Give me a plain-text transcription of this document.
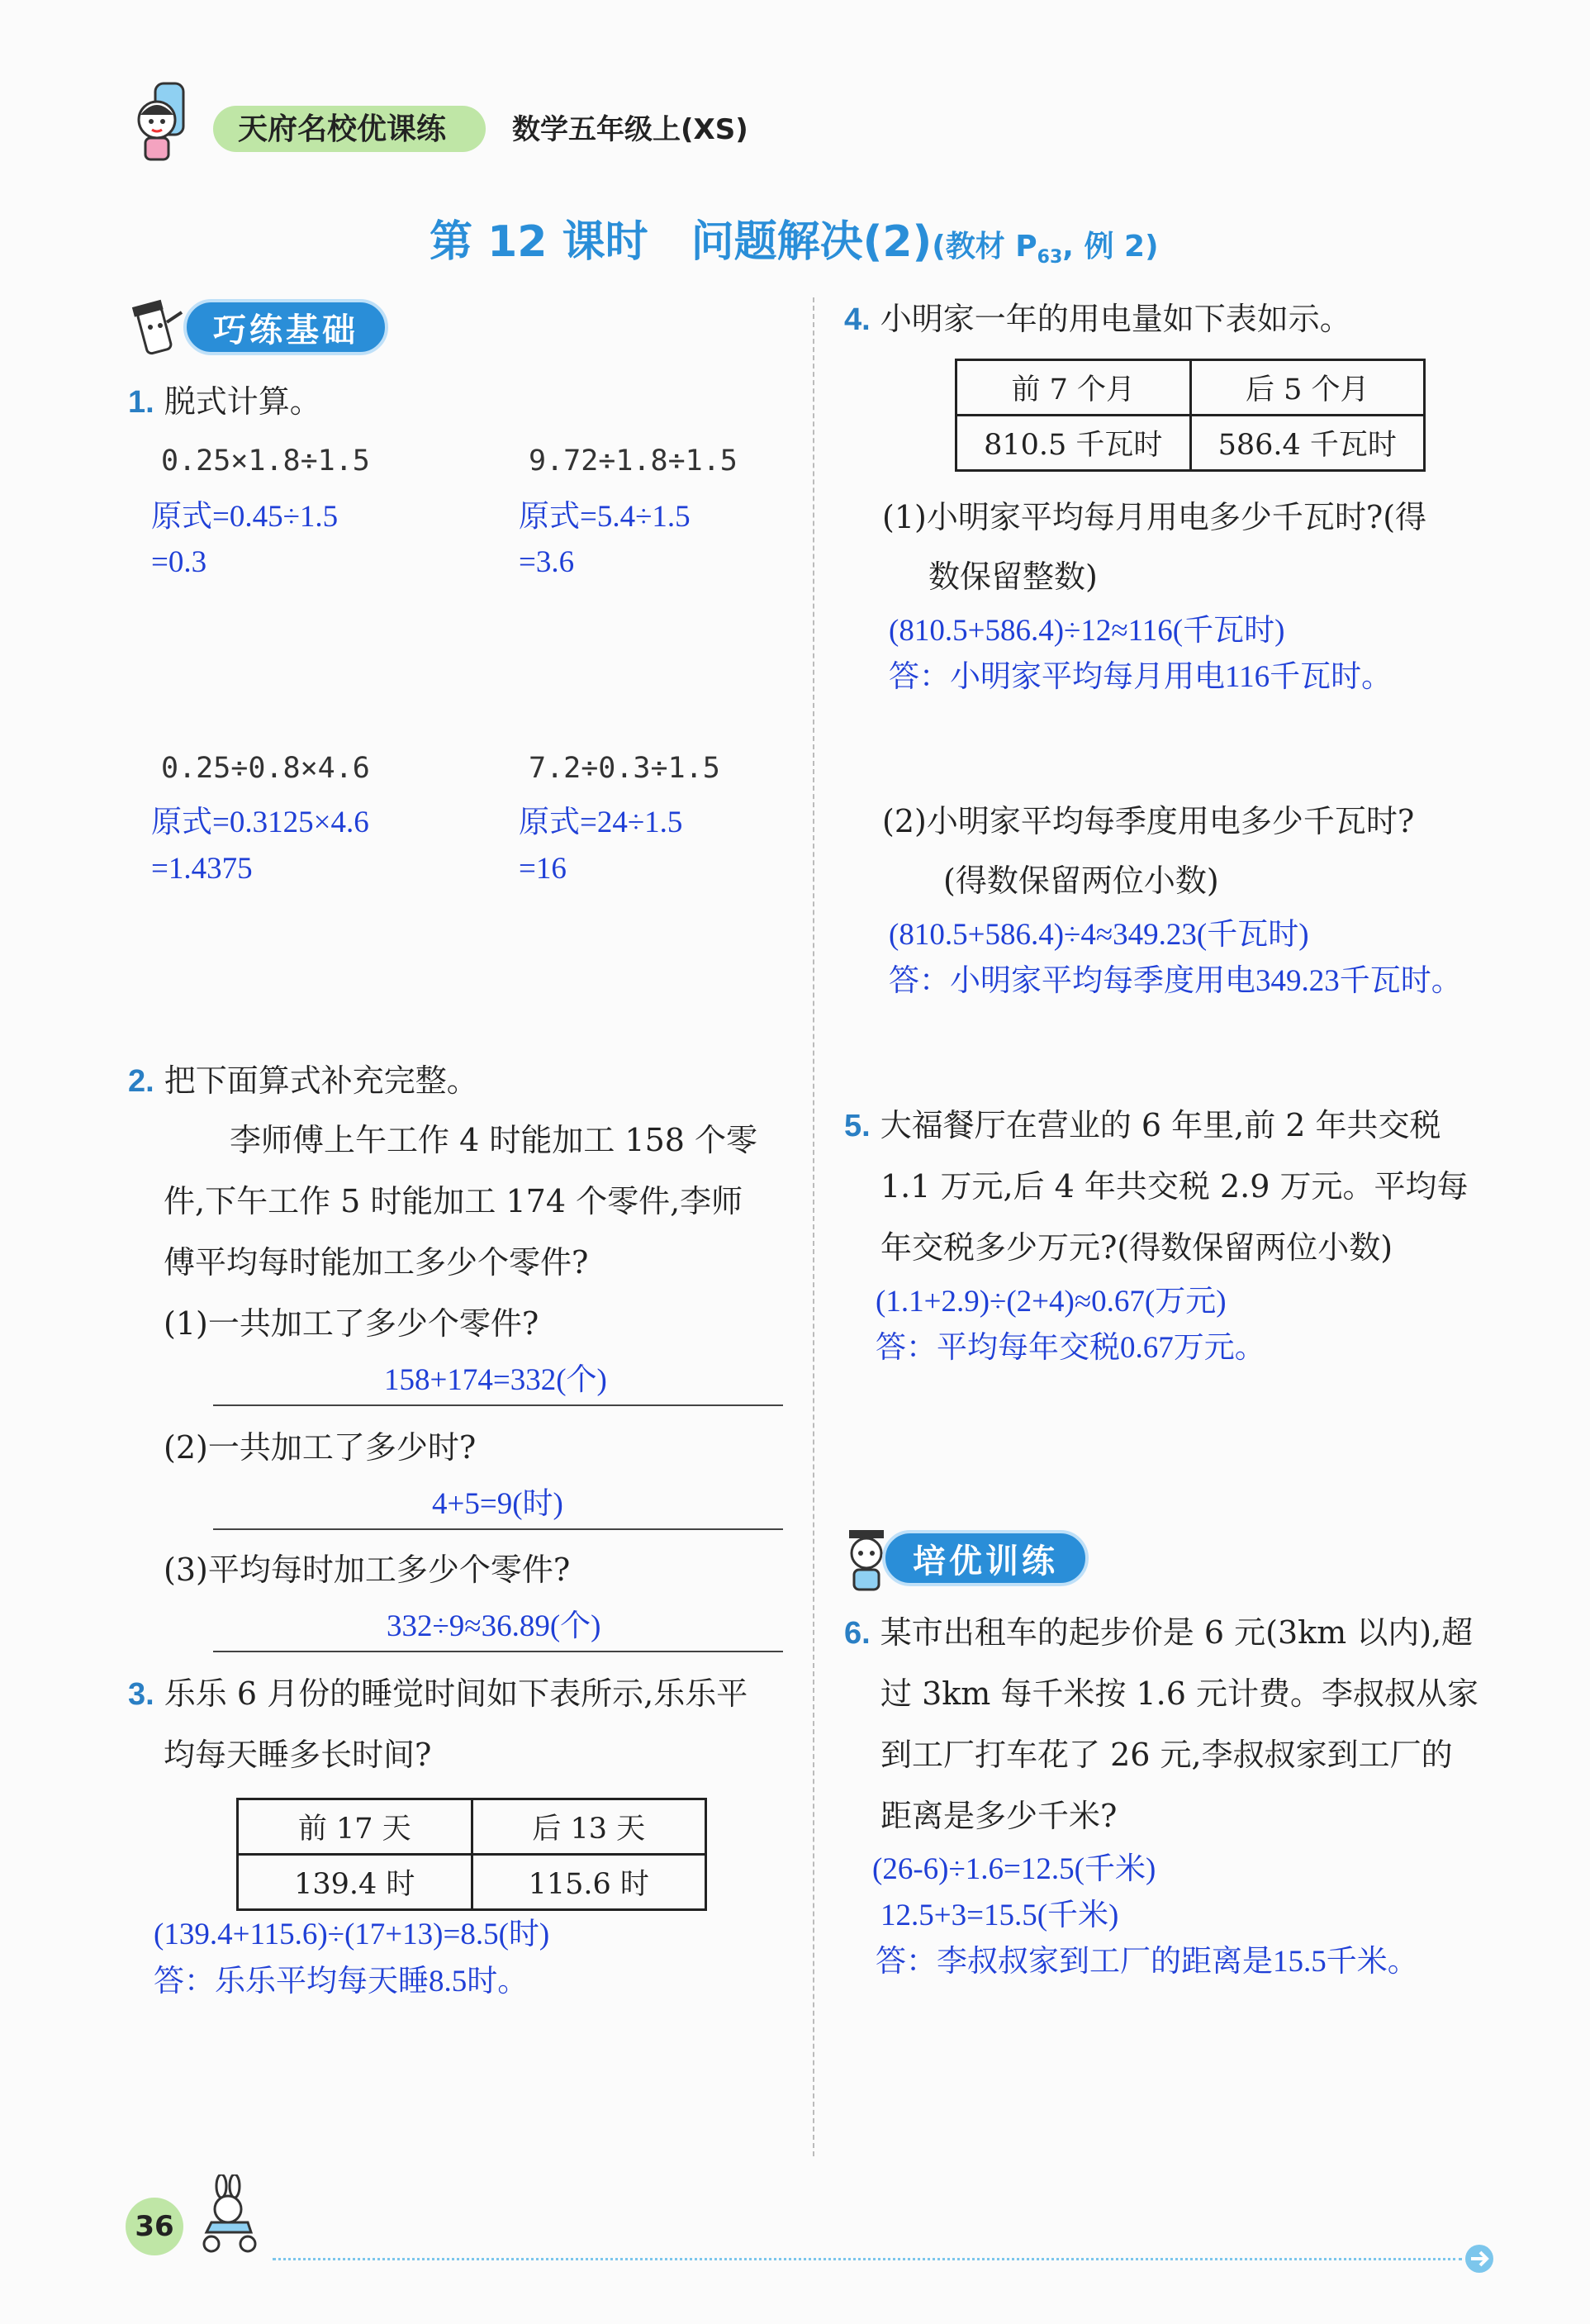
天府名校优课练 数学五年级上(XS)
第 12 课时　问题解决(2)(教材 $P_{63}$, 例 2)
巧练基础
1. 脱式计算。
0.25×1.8÷1.5
原式=0.45÷1.5
=0.3
9.72÷1.8÷1.5
原式=5.4÷1.5
=3.6
0.25÷0.8×4.6
原式=0.3125×4.6
=1.4375
7.2÷0.3÷1.5
原式=24÷1.5
=16
2. 把下面算式补充完整。
李师傅上午工作 4 时能加工 158 个零
件,下午工作 5 时能加工 174 个零件,李师
傅平均每时能加工多少个零件?
(1)一共加工了多少个零件?
158+174=332(个)
(2)一共加工了多少时?
4+5=9(时)
(3)平均每时加工多少个零件?
332÷9≈36.89(个)
3. 乐乐 6 月份的睡觉时间如下表所示,乐乐平
均每天睡多长时间?
前 17 天	后 13 天
139.4 时	115.6 时
(139.4+115.6)÷(17+13)=8.5(时)
答：乐乐平均每天睡8.5时。
4. 小明家一年的用电量如下表如示。
前 7 个月	后 5 个月
810.5 千瓦时	586.4 千瓦时
(1)小明家平均每月用电多少千瓦时?(得
数保留整数)
(810.5+586.4)÷12≈116(千瓦时)
答：小明家平均每月用电116千瓦时。
(2)小明家平均每季度用电多少千瓦时?
(得数保留两位小数)
(810.5+586.4)÷4≈349.23(千瓦时)
答：小明家平均每季度用电349.23千瓦时。
5. 大福餐厅在营业的 6 年里,前 2 年共交税
1.1 万元,后 4 年共交税 2.9 万元。平均每
年交税多少万元?(得数保留两位小数)
(1.1+2.9)÷(2+4)≈0.67(万元)
答：平均每年交税0.67万元。
培优训练
6. 某市出租车的起步价是 6 元(3km 以内),超
过 3km 每千米按 1.6 元计费。李叔叔从家
到工厂打车花了 26 元,李叔叔家到工厂的
距离是多少千米?
(26-6)÷1.6=12.5(千米)
12.5+3=15.5(千米)
答：李叔叔家到工厂的距离是15.5千米。
36
